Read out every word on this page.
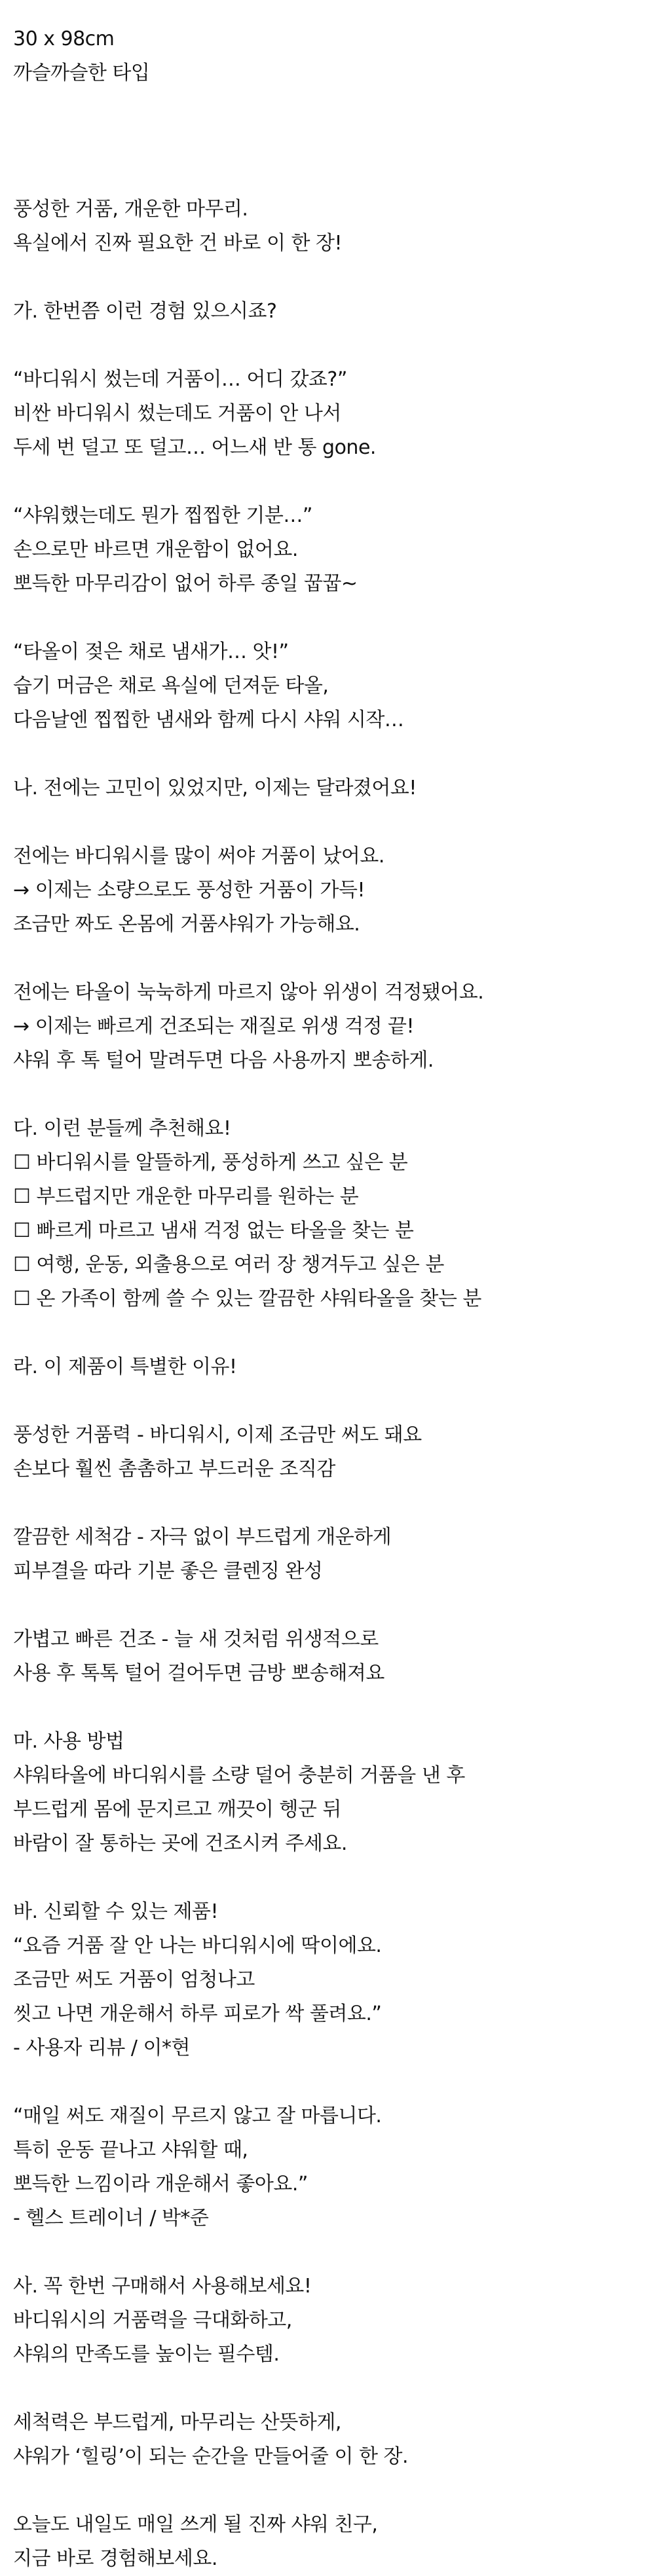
30 x 98cm
까슬까슬한 타입
풍성한 거품, 개운한 마무리.
욕실에서 진짜 필요한 건 바로 이 한 장!
가. 한번쯤 이런 경험 있으시죠?
“바디워시 썼는데 거품이… 어디 갔죠?”
비싼 바디워시 썼는데도 거품이 안 나서
두세 번 덜고 또 덜고… 어느새 반 통 gone.
“샤워했는데도 뭔가 찝찝한 기분…”
손으로만 바르면 개운함이 없어요.
뽀득한 마무리감이 없어 하루 종일 꿉꿉~
“타올이 젖은 채로 냄새가… 앗!”
습기 머금은 채로 욕실에 던져둔 타올,
다음날엔 찝찝한 냄새와 함께 다시 샤워 시작…
나. 전에는 고민이 있었지만, 이제는 달라졌어요!
전에는 바디워시를 많이 써야 거품이 났어요.
→ 이제는 소량으로도 풍성한 거품이 가득!
조금만 짜도 온몸에 거품샤워가 가능해요.
전에는 타올이 눅눅하게 마르지 않아 위생이 걱정됐어요.
→ 이제는 빠르게 건조되는 재질로 위생 걱정 끝!
샤워 후 톡 털어 말려두면 다음 사용까지 뽀송하게.
다. 이런 분들께 추천해요!
☐ 바디워시를 알뜰하게, 풍성하게 쓰고 싶은 분
☐ 부드럽지만 개운한 마무리를 원하는 분
☐ 빠르게 마르고 냄새 걱정 없는 타올을 찾는 분
☐ 여행, 운동, 외출용으로 여러 장 챙겨두고 싶은 분
☐ 온 가족이 함께 쓸 수 있는 깔끔한 샤워타올을 찾는 분
라. 이 제품이 특별한 이유!
풍성한 거품력 - 바디워시, 이제 조금만 써도 돼요
손보다 훨씬 촘촘하고 부드러운 조직감
깔끔한 세척감 - 자극 없이 부드럽게 개운하게
피부결을 따라 기분 좋은 클렌징 완성
가볍고 빠른 건조 - 늘 새 것처럼 위생적으로
사용 후 톡톡 털어 걸어두면 금방 뽀송해져요
마. 사용 방법
샤워타올에 바디워시를 소량 덜어 충분히 거품을 낸 후
부드럽게 몸에 문지르고 깨끗이 헹군 뒤
바람이 잘 통하는 곳에 건조시켜 주세요.
바. 신뢰할 수 있는 제품!
“요즘 거품 잘 안 나는 바디워시에 딱이에요.
조금만 써도 거품이 엄청나고
씻고 나면 개운해서 하루 피로가 싹 풀려요.”
- 사용자 리뷰 / 이*현
“매일 써도 재질이 무르지 않고 잘 마릅니다.
특히 운동 끝나고 샤워할 때,
뽀득한 느낌이라 개운해서 좋아요.”
- 헬스 트레이너 / 박*준
사. 꼭 한번 구매해서 사용해보세요!
바디워시의 거품력을 극대화하고,
샤워의 만족도를 높이는 필수템.
세척력은 부드럽게, 마무리는 산뜻하게,
샤워가 ‘힐링’이 되는 순간을 만들어줄 이 한 장.
오늘도 내일도 매일 쓰게 될 진짜 샤워 친구,
지금 바로 경험해보세요.
